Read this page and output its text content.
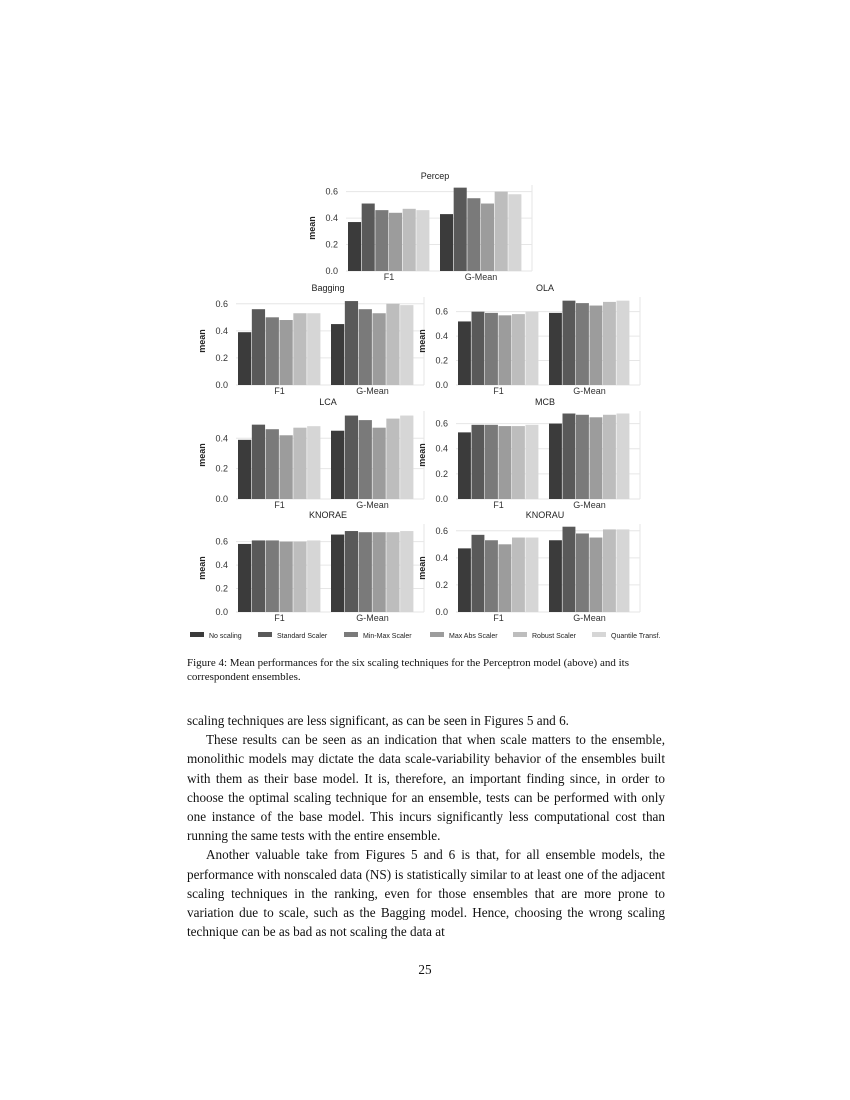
0.0
0.2
0.4
0.6
mean
Percep
F1	G-Mean
0.0
0.2
0.4
0.6
mean
Bagging
F1	G-Mean
0.0
0.2
0.4
0.6
mean
OLA
F1	G-Mean
0.0
0.2
0.4
mean
LCA
F1	G-Mean
0.0
0.2
0.4
0.6
mean
MCB
F1	G-Mean
0.0
0.2
0.4
0.6
mean
KNORAE
F1	G-Mean
0.0
0.2
0.4
0.6
mean
KNORAU
F1	G-Mean
No scaling	Standard Scaler	Min-Max Scaler	Max Abs Scaler	Robust Scaler	Quantile Transf.
Figure 4: Mean performances for the six scaling techniques for the Perceptron model (above) and its correspondent ensembles.

scaling techniques are less significant, as can be seen in Figures 5 and 6.

These results can be seen as an indication that when scale matters to the ensemble, monolithic models may dictate the data scale-variability behavior of the ensembles built with them as their base model. It is, therefore, an important finding since, in order to choose the optimal scaling technique for an ensemble, tests can be performed with only one instance of the base model. This incurs significantly less computational cost than running the same tests with the entire ensemble.

Another valuable take from Figures 5 and 6 is that, for all ensemble models, the performance with nonscaled data (NS) is statistically similar to at least one of the adjacent scaling techniques in the ranking, even for those ensembles that are more prone to variation due to scale, such as the Bagging model. Hence, choosing the wrong scaling technique can be as bad as not scaling the data at

25
